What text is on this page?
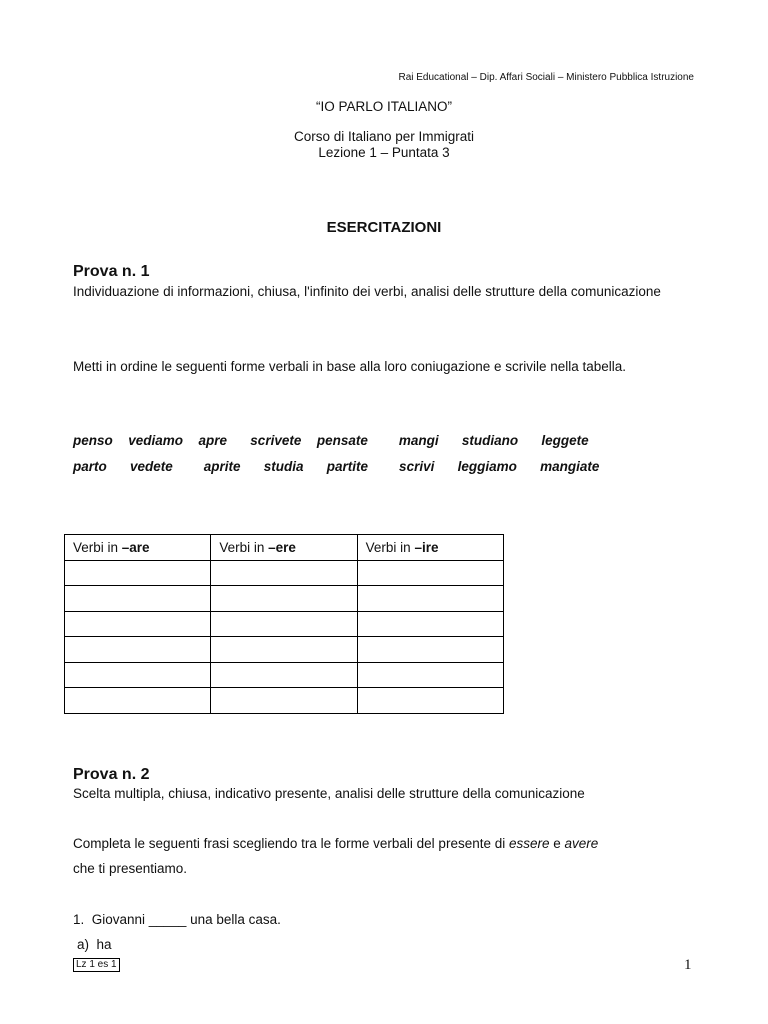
Rai Educational – Dip. Affari Sociali – Ministero Pubblica Istruzione
“IO PARLO ITALIANO”
Corso di Italiano per Immigrati
Lezione 1 – Puntata 3
ESERCITAZIONI
Prova n. 1
Individuazione di informazioni, chiusa, l'infinito dei verbi, analisi delle strutture della comunicazione
Metti in ordine le seguenti forme verbali in base alla loro coniugazione e scrivile nella tabella.
penso  vediamo  apre   scrivete  pensate    mangi   studiano   leggete
parto   vedete    aprite   studia   partite    scrivi   leggiamo   mangiate
Verbi in –are	Verbi in –ere	Verbi in –ire

Prova n. 2
Scelta multipla, chiusa, indicativo presente, analisi delle strutture della comunicazione
Completa le seguenti frasi scegliendo tra le forme verbali del presente di essere e avere
che ti presentiamo.
1.  Giovanni _____ una bella casa.
a)  ha
Lz 1 es 1	1
